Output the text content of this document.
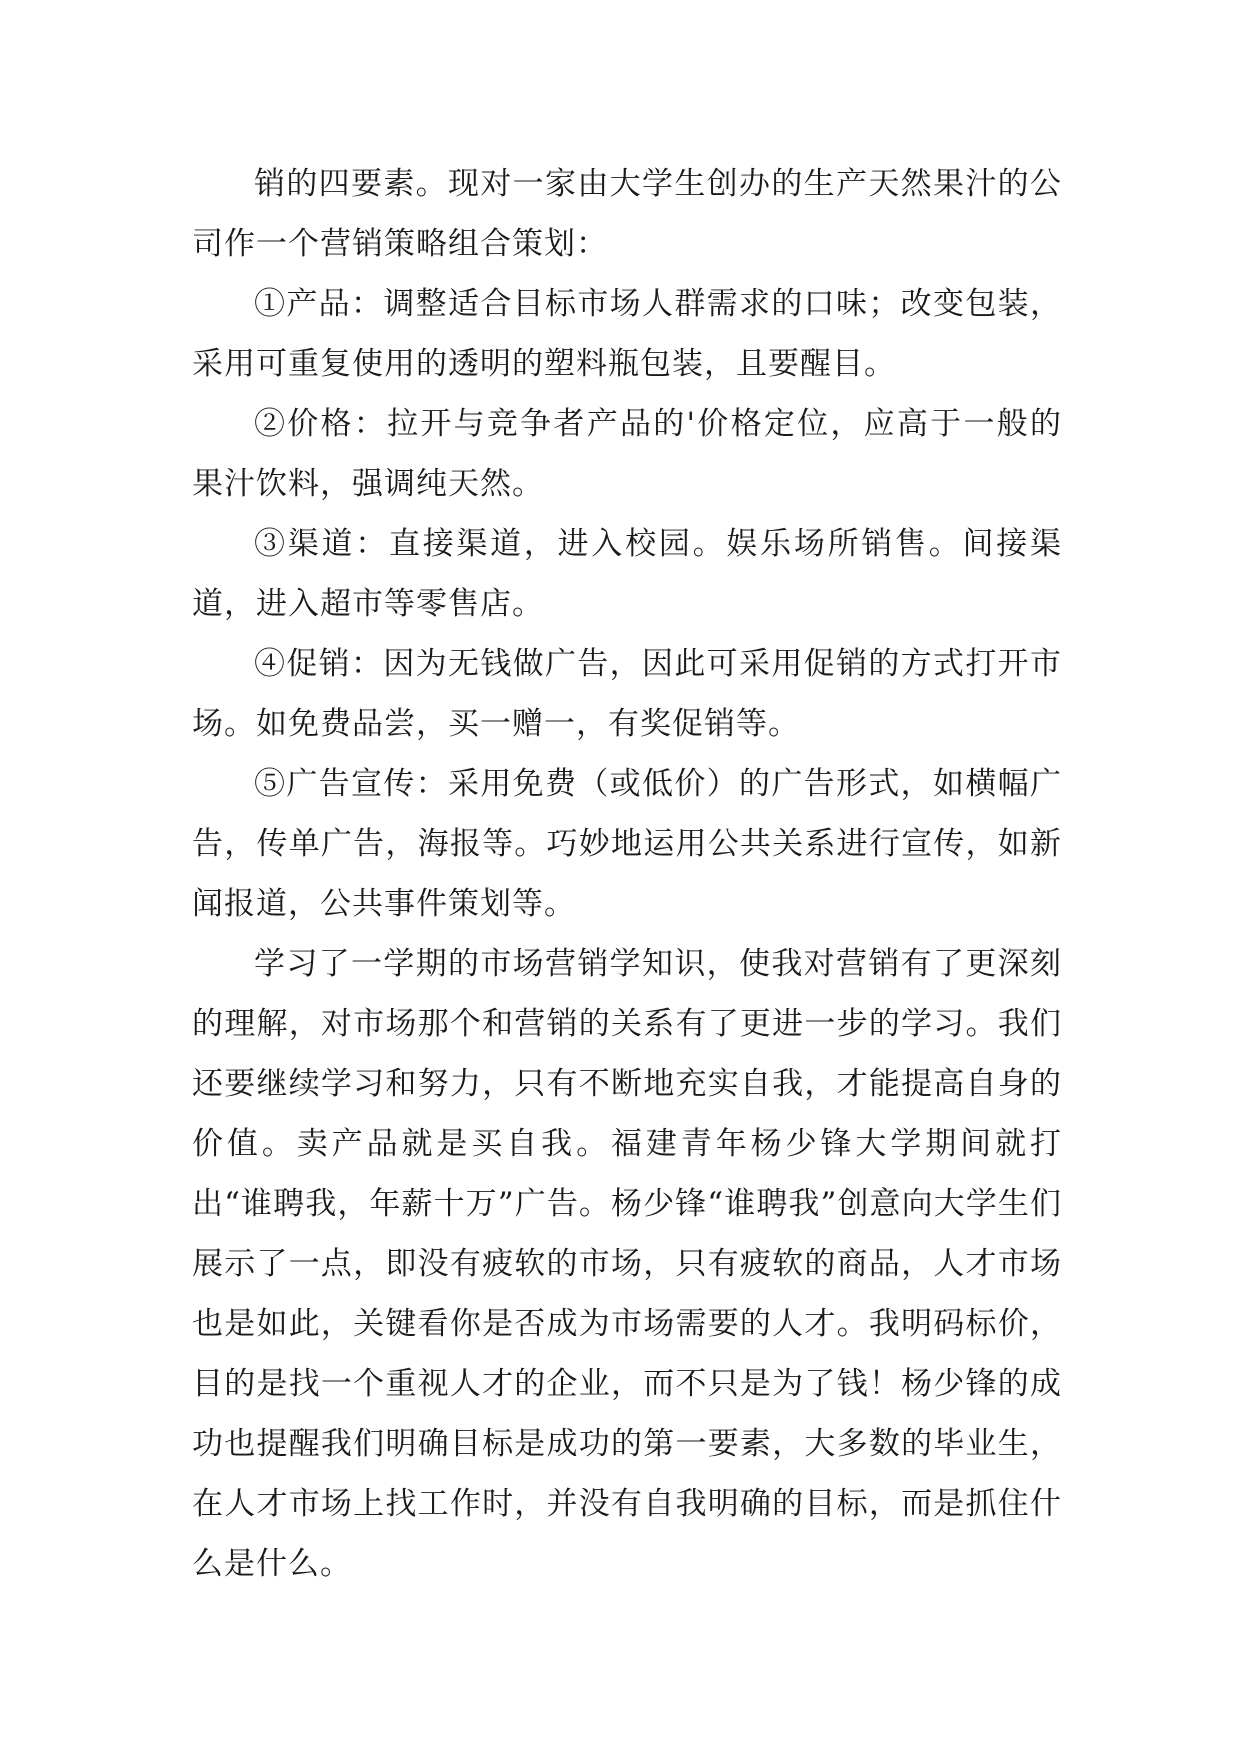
销的四要素。现对一家由大学生创办的生产天然果汁的公司作一个营销策略组合策划：

①产品：调整适合目标市场人群需求的口味；改变包装，采用可重复使用的透明的塑料瓶包装，且要醒目。

②价格：拉开与竞争者产品的'价格定位，应高于一般的果汁饮料，强调纯天然。

③渠道：直接渠道，进入校园。娱乐场所销售。间接渠道，进入超市等零售店。

④促销：因为无钱做广告，因此可采用促销的方式打开市场。如免费品尝，买一赠一，有奖促销等。

⑤广告宣传：采用免费（或低价）的广告形式，如横幅广告，传单广告，海报等。巧妙地运用公共关系进行宣传，如新闻报道，公共事件策划等。

学习了一学期的市场营销学知识，使我对营销有了更深刻的理解，对市场那个和营销的关系有了更进一步的学习。我们还要继续学习和努力，只有不断地充实自我，才能提高自身的价值。卖产品就是买自我。福建青年杨少锋大学期间就打出“谁聘我，年薪十万”广告。杨少锋“谁聘我”创意向大学生们展示了一点，即没有疲软的市场，只有疲软的商品，人才市场也是如此，关键看你是否成为市场需要的人才。我明码标价，目的是找一个重视人才的企业，而不只是为了钱！杨少锋的成功也提醒我们明确目标是成功的第一要素，大多数的毕业生，在人才市场上找工作时，并没有自我明确的目标，而是抓住什么是什么。
